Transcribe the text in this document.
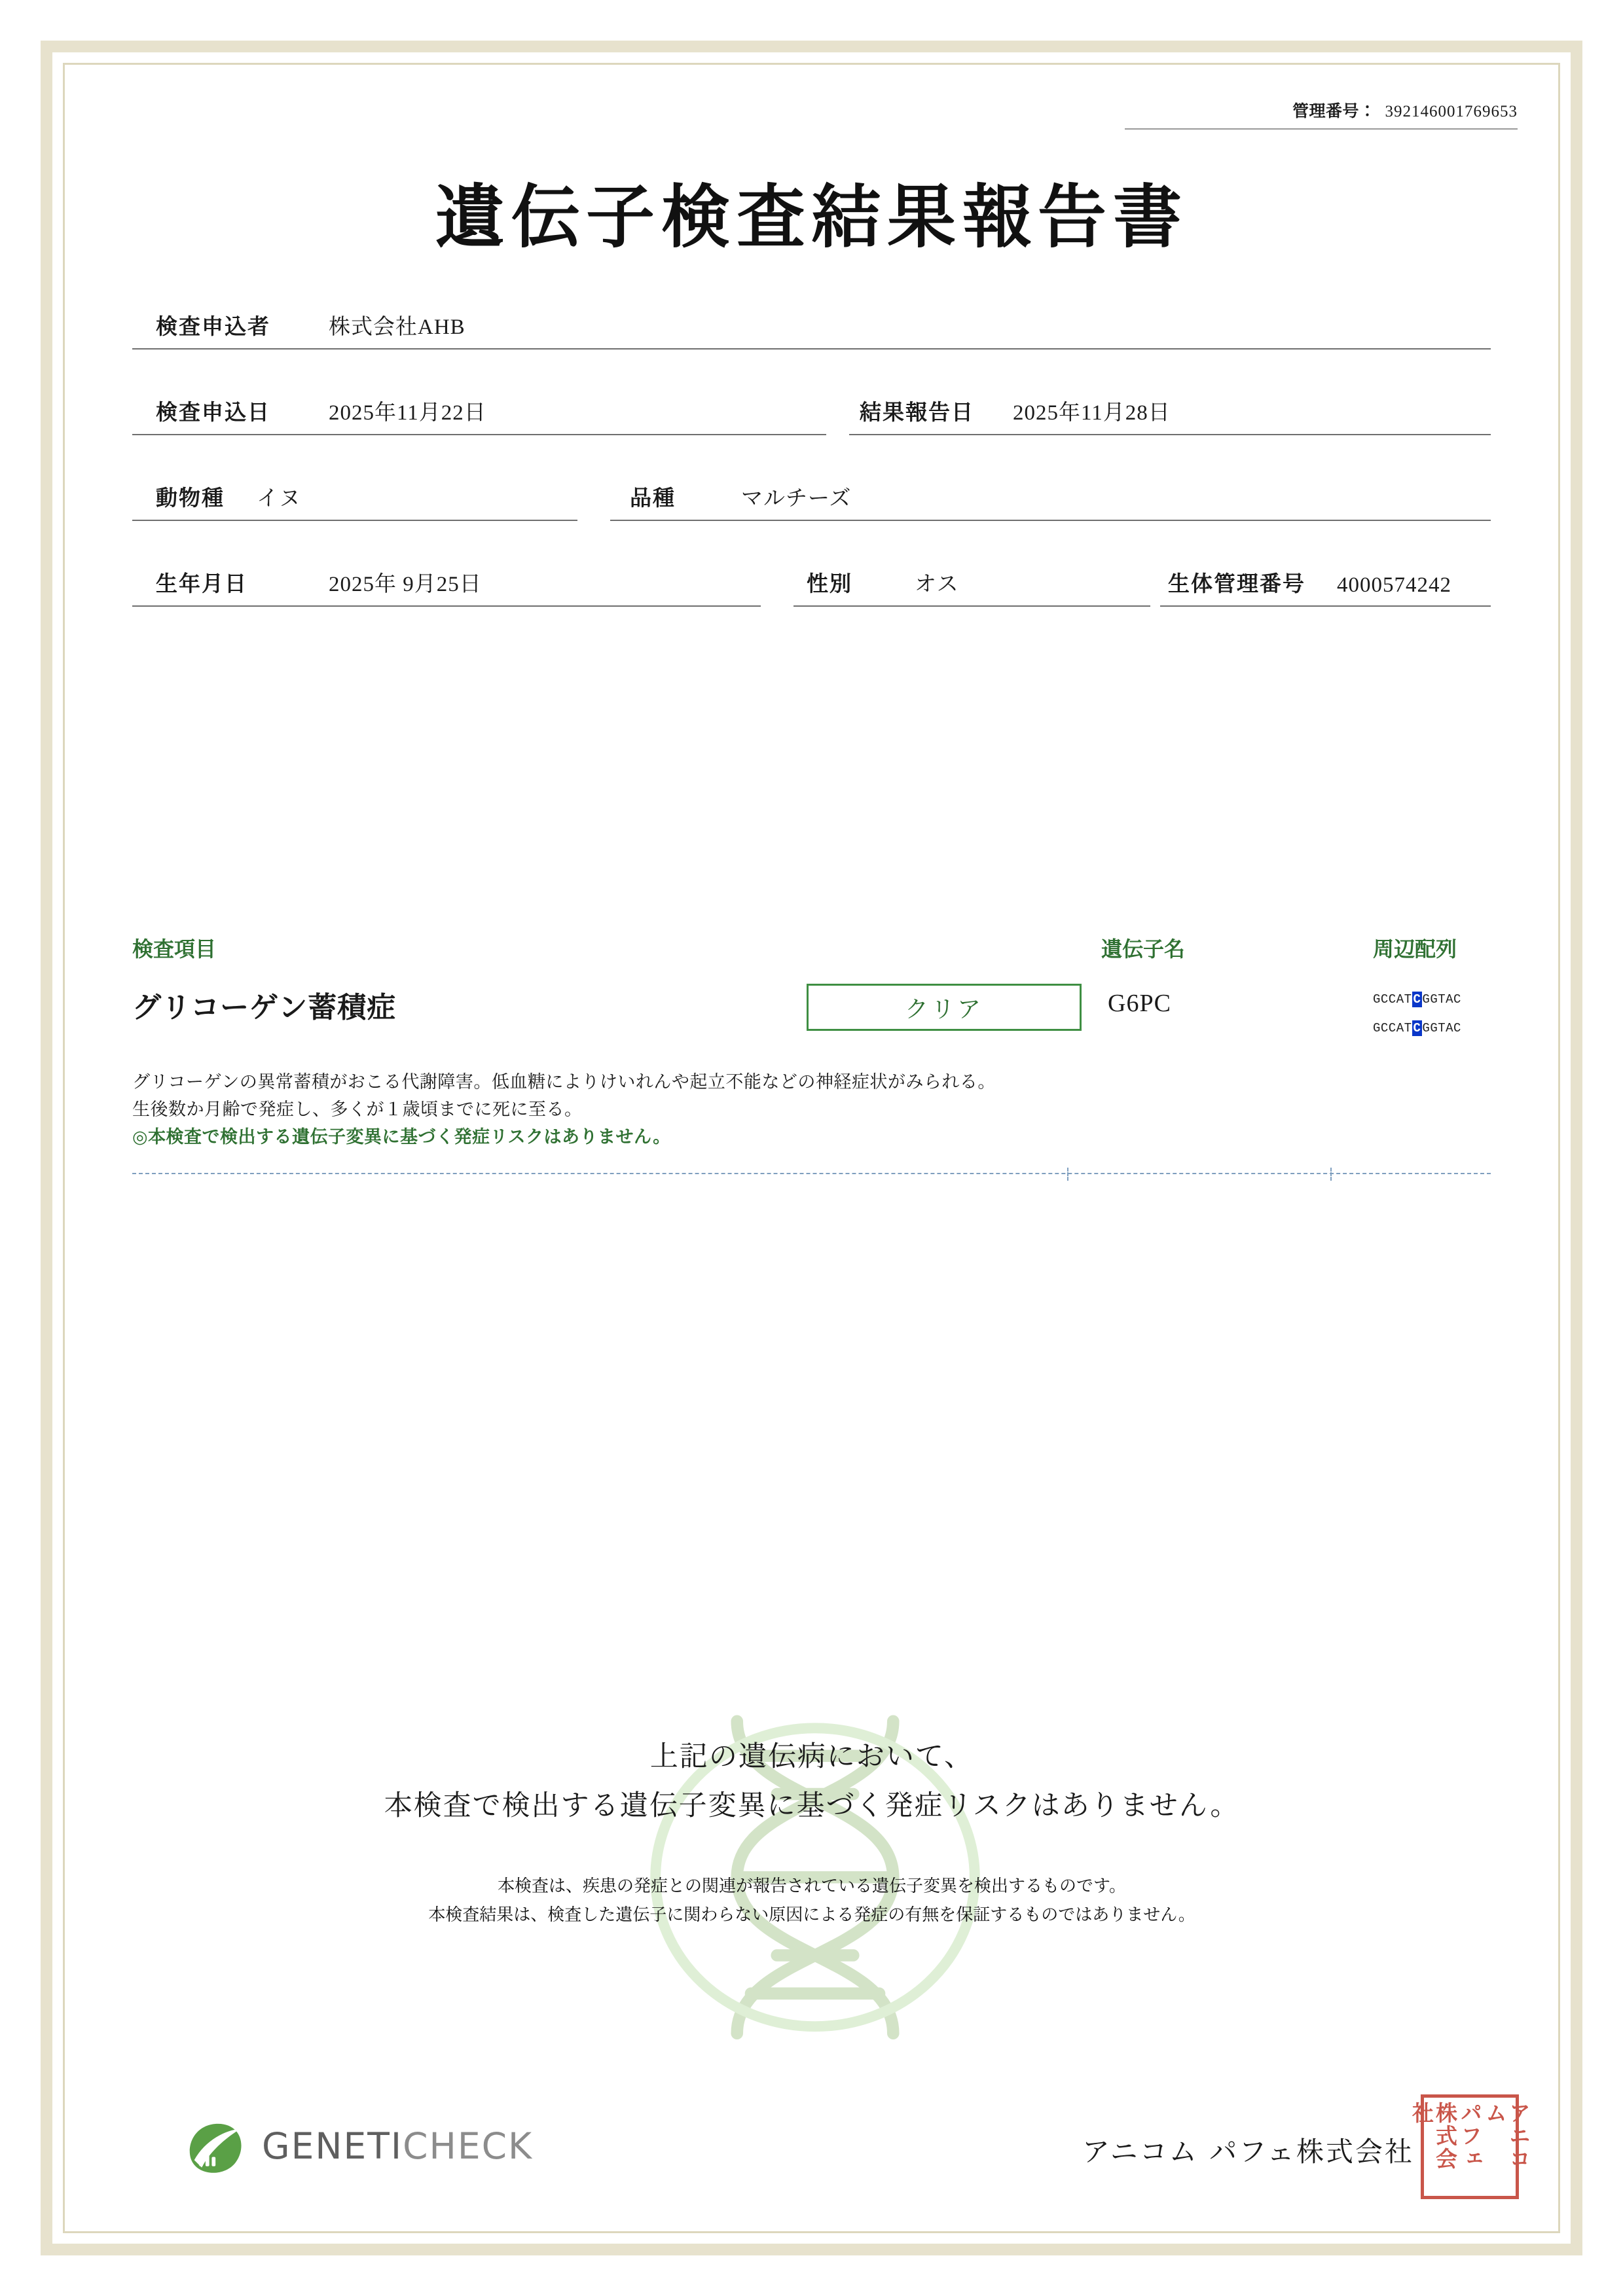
管理番号： 392146001769653
遺伝子検査結果報告書
検査申込者	株式会社AHB
検査申込日	2025年11月22日	結果報告日 2025年11月28日
動物種 イヌ	品種	マルチーズ
生年月日	2025年 9月25日	性別	オス	生体管理番号 4000574242
検査項目	遺伝子名	周辺配列
グリコーゲン蓄積症	クリア	G6PC	GCCAT C GGTAC
GCCAT C GGTAC
グリコーゲンの異常蓄積がおこる代謝障害。低血糖によりけいれんや起立不能などの神経症状がみられる。
生後数か月齢で発症し、多くが１歳頃までに死に至る。
◎本検査で検出する遺伝子変異に基づく発症リスクはありません。
上記の遺伝病において、
本検査で検出する遺伝子変異に基づく発症リスクはありません。
本検査は、疾患の発症との関連が報告されている遺伝子変異を検出するものです。
本検査結果は、検査した遺伝子に関わらない原因による発症の有無を保証するものではありません。
GENETICHECK	アニコム パフェ株式会社	アニコム
パフェ
株式会社
